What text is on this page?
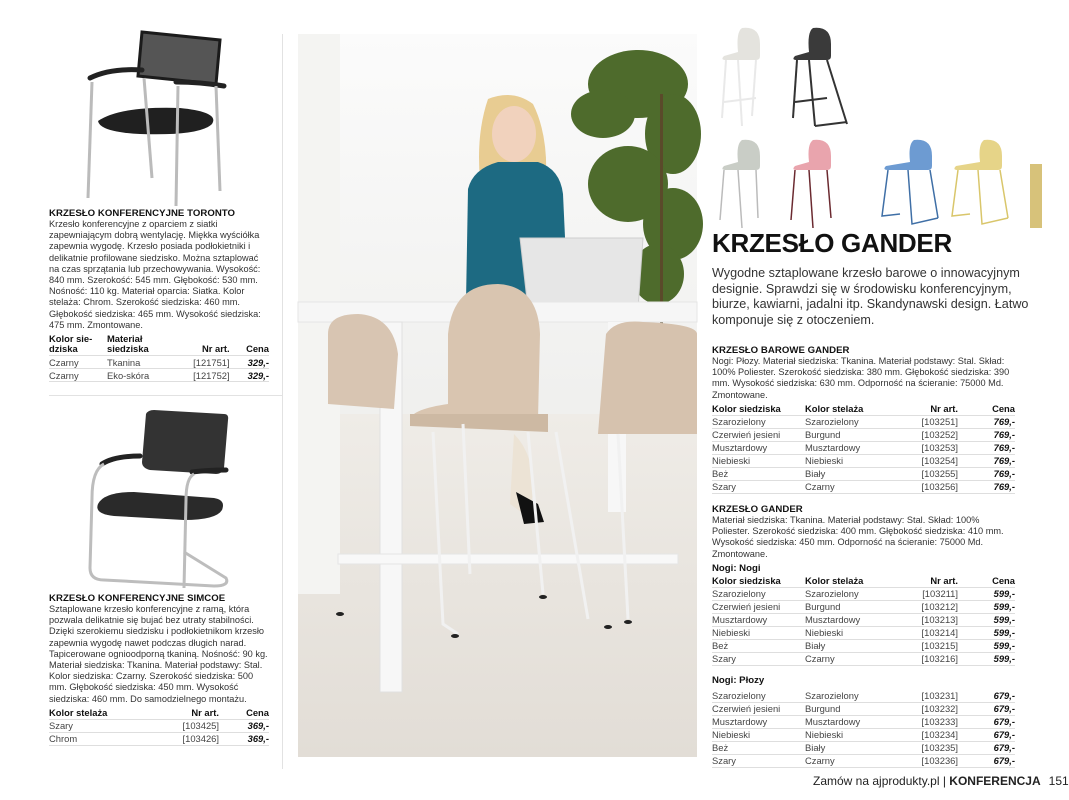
KRZESŁO KONFERENCYJNE TORONTO
Krzesło konferencyjne z oparciem z siatki zapewniającym dobrą wentylację. Miękka wyściółka zapewnia wygodę. Krzesło posiada podłokietniki i delikatnie profilowane siedzisko. Można sztaplować na czas sprzątania lub przechowywania. Wysokość: 840 mm. Szerokość: 545 mm. Głębokość: 530 mm. Nośność: 110 kg. Materiał oparcia: Siatka. Kolor stelaża: Chrom. Szerokość siedziska: 460 mm. Głębokość siedziska: 465 mm. Wysokość siedziska: 475 mm. Zmontowane.
Kolor sie-
dziska	Materiał
siedziska	Nr art.	Cena
Czarny	Tkanina	[121751]	329,-
Czarny	Eko-skóra	[121752]	329,-
KRZESŁO KONFERENCYJNE SIMCOE
Sztaplowane krzesło konferencyjne z ramą, która pozwala delikatnie się bujać bez utraty stabilności. Dzięki szerokiemu siedzisku i podłokietnikom krzesło zapewnia wygodę nawet podczas długich narad. Tapicerowane ognioodporną tkaniną. Nośność: 90 kg. Materiał siedziska: Tkanina. Materiał podstawy: Stal. Kolor siedziska: Czarny. Szerokość siedziska: 500 mm. Głębokość siedziska: 450 mm. Wysokość siedziska: 460 mm. Do samodzielnego montażu.
Kolor stelaża	Nr art.	Cena
Szary	[103425]	369,-
Chrom	[103426]	369,-
KRZESŁO GANDER
Wygodne sztaplowane krzesło barowe o innowacyjnym designie. Sprawdzi się w środowisku konferencyjnym, biurze, kawiarni, jadalni itp. Skandynawski design. Łatwo komponuje się z otoczeniem.
KRZESŁO BAROWE GANDER
Nogi: Płozy. Materiał siedziska: Tkanina. Materiał podstawy: Stal. Skład: 100% Poliester. Szerokość siedziska: 380 mm. Głębokość siedziska: 390 mm. Wysokość siedziska: 630 mm. Odporność na ścieranie: 75000 Md. Zmontowane.
Kolor siedziska	Kolor stelaża	Nr art.	Cena
Szarozielony	Szarozielony	[103251]	769,-
Czerwień jesieni	Burgund	[103252]	769,-
Musztardowy	Musztardowy	[103253]	769,-
Niebieski	Niebieski	[103254]	769,-
Beż	Biały	[103255]	769,-
Szary	Czarny	[103256]	769,-
KRZESŁO GANDER
Materiał siedziska: Tkanina. Materiał podstawy: Stal. Skład: 100% Poliester. Szerokość siedziska: 400 mm. Głębokość siedziska: 410 mm. Wysokość siedziska: 450 mm. Odporność na ścieranie: 75000 Md. Zmontowane.
Nogi: Nogi
Kolor siedziska	Kolor stelaża	Nr art.	Cena
Szarozielony	Szarozielony	[103211]	599,-
Czerwień jesieni	Burgund	[103212]	599,-
Musztardowy	Musztardowy	[103213]	599,-
Niebieski	Niebieski	[103214]	599,-
Beż	Biały	[103215]	599,-
Szary	Czarny	[103216]	599,-
Nogi: Płozy
Szarozielony	Szarozielony	[103231]	679,-
Czerwień jesieni	Burgund	[103232]	679,-
Musztardowy	Musztardowy	[103233]	679,-
Niebieski	Niebieski	[103234]	679,-
Beż	Biały	[103235]	679,-
Szary	Czarny	[103236]	679,-
Zamów na ajprodukty.pl | KONFERENCJA 151
